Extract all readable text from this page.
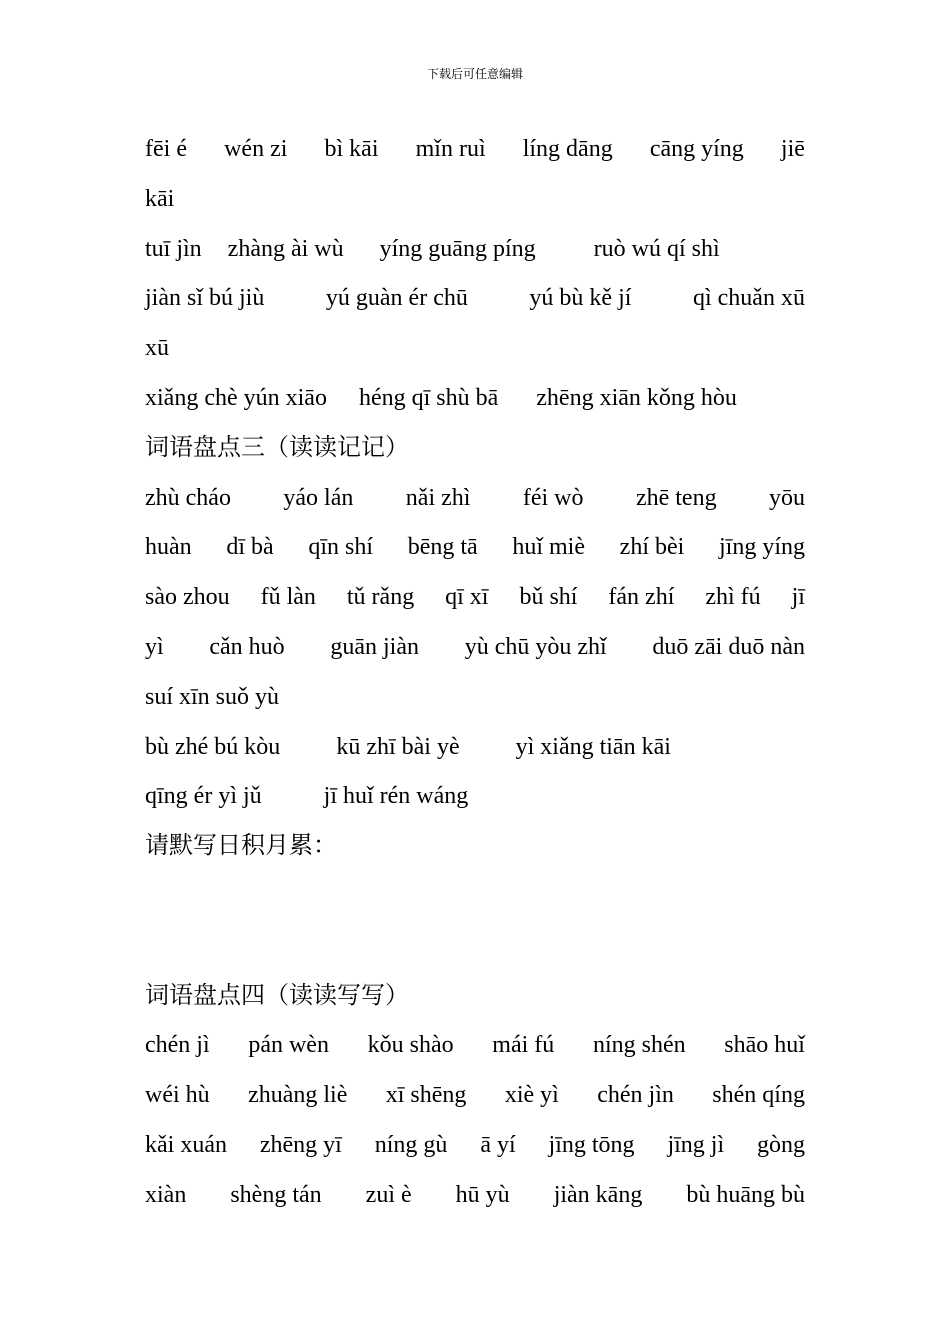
下载后可任意编辑
fēi é wén zi bì kāi mǐn ruì líng dāng cāng yíng jiē
kāi
tuī jìn zhàng ài wù yíng guāng píng ruò wú qí shì
jiàn sǐ bú jiù	yú guàn ér chū	yú bù kě jí	qì chuǎn xū
xū
xiǎng chè yún xiāo héng qī shù bā zhēng xiān kǒng hòu
词语盘点三（读读记记）
zhù cháo yáo lán nǎi zhì féi wò zhē teng yōu
huàn dī bà qīn shí bēng tā huǐ miè zhí bèi jīng yíng
sào zhou fǔ làn tǔ rǎng qī xī bǔ shí fán zhí zhì fú jī
yì cǎn huò guān jiàn yù chū yòu zhǐ duō zāi duō nàn
suí xīn suǒ yù
bù zhé bú kòu kū zhī bài yè yì xiǎng tiān kāi
qīng ér yì jǔ	jī huǐ rén wáng
请默写日积月累：
词语盘点四（读读写写）
chén jì pán wèn kǒu shào mái fú níng shén shāo huǐ
wéi hù zhuàng liè xī shēng xiè yì chén jìn shén qíng
kǎi xuán zhēng yī níng gù ā yí jīng tōng jīng jì gòng
xiàn shèng tán zuì è hū yù jiàn kāng bù huāng bù
